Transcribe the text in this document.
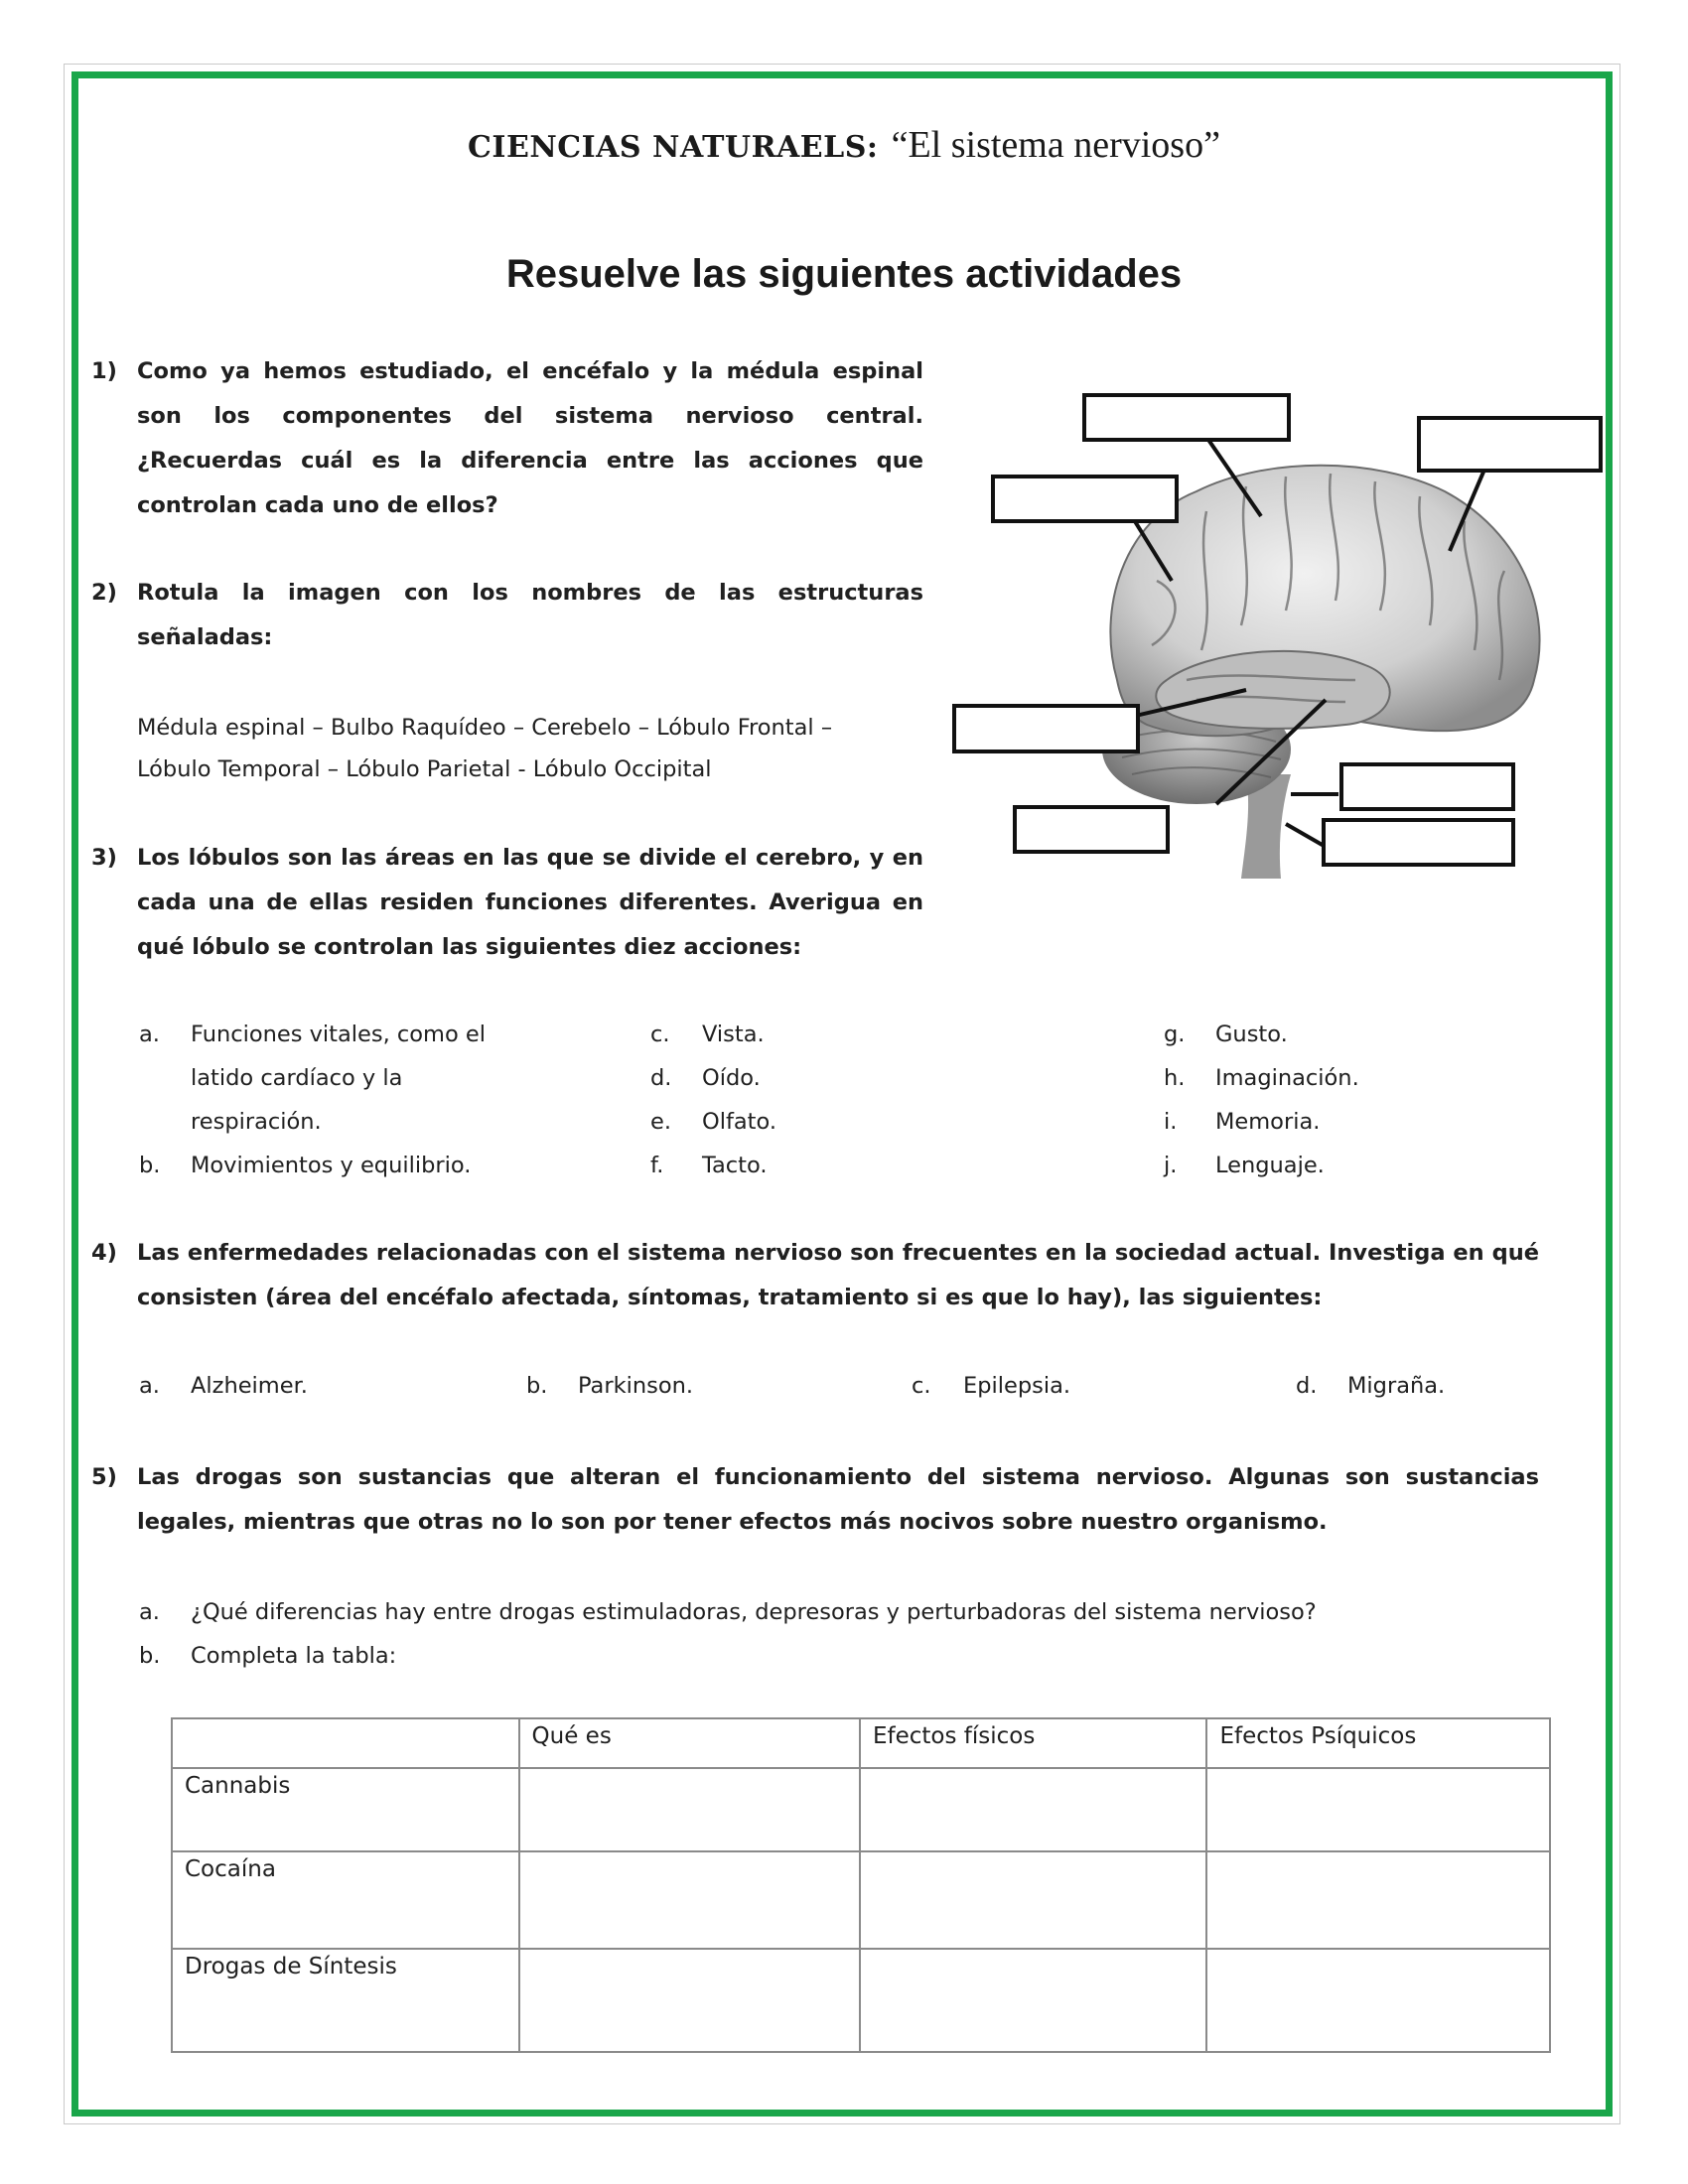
CIENCIAS NATURAELS: “El sistema nervioso”
Resuelve las siguientes actividades
1) Como ya hemos estudiado, el encéfalo y la médula espinal son los componentes del sistema nervioso central. ¿Recuerdas cuál es la diferencia entre las acciones que controlan cada uno de ellos?
2) Rotula la imagen con los nombres de las estructuras señaladas:
Médula espinal – Bulbo Raquídeo – Cerebelo – Lóbulo Frontal –
Lóbulo Temporal – Lóbulo Parietal - Lóbulo Occipital
3) Los lóbulos son las áreas en las que se divide el cerebro, y en cada una de ellas residen funciones diferentes. Averigua en qué lóbulo se controlan las siguientes diez acciones:
a. Funciones vitales, como el latido cardíaco y la respiración.
b. Movimientos y equilibrio.
c. Vista.
d. Oído.
e. Olfato.
f. Tacto.
g. Gusto.
h. Imaginación.
i. Memoria.
j. Lenguaje.
4) Las enfermedades relacionadas con el sistema nervioso son frecuentes en la sociedad actual. Investiga en qué consisten (área del encéfalo afectada, síntomas, tratamiento si es que lo hay), las siguientes:
a. Alzheimer.	b. Parkinson.	c. Epilepsia.	d. Migraña.
5) Las drogas son sustancias que alteran el funcionamiento del sistema nervioso. Algunas son sustancias legales, mientras que otras no lo son por tener efectos más nocivos sobre nuestro organismo.
a. ¿Qué diferencias hay entre drogas estimuladoras, depresoras y perturbadoras del sistema nervioso?
b. Completa la tabla:
	Qué es	Efectos físicos	Efectos Psíquicos
Cannabis			
Cocaína			
Drogas de Síntesis			
